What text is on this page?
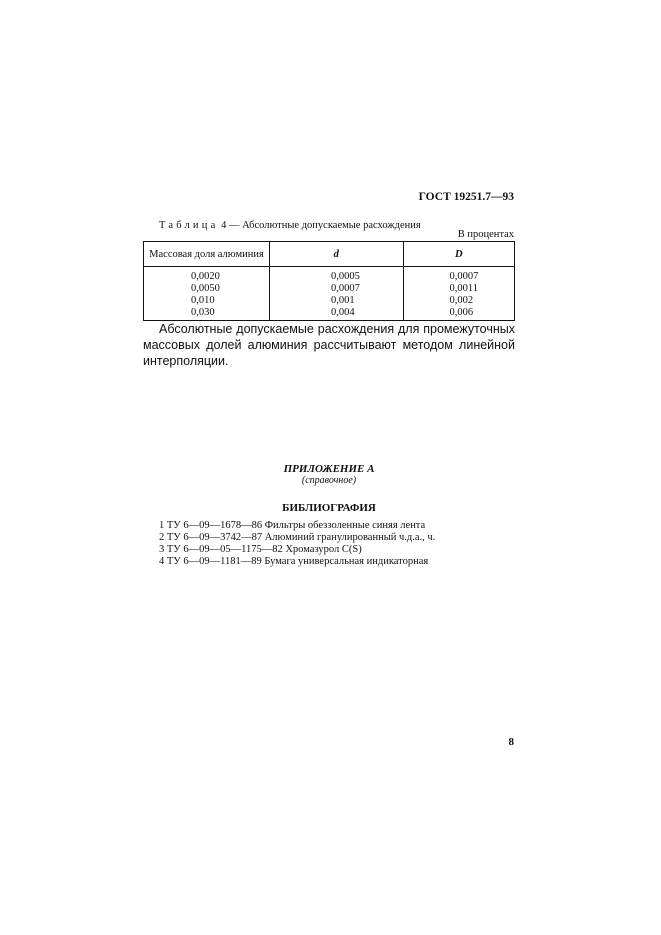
ГОСТ 19251.7—93
Таблица 4 — Абсолютные допускаемые расхождения
В процентах
Массовая доля алюминия	d	D
0,0020	0,0005	0,0007
0,0050	0,0007	0,0011
0,010	0,001	0,002
0,030	0,004	0,006

Абсолютные допускаемые расхождения для промежуточных массовых долей алюминия рассчитывают методом линейной интерполяции.

ПРИЛОЖЕНИЕ А
(справочное)
БИБЛИОГРАФИЯ
1 ТУ 6—09—1678—86 Фильтры обеззоленные синяя лента
2 ТУ 6—09—3742—87 Алюминий гранулированный ч.д.а., ч.
3 ТУ 6—09—05—1175—82 Хромазурол С(S)
4 ТУ 6—09—1181—89 Бумага универсальная индикаторная
8
